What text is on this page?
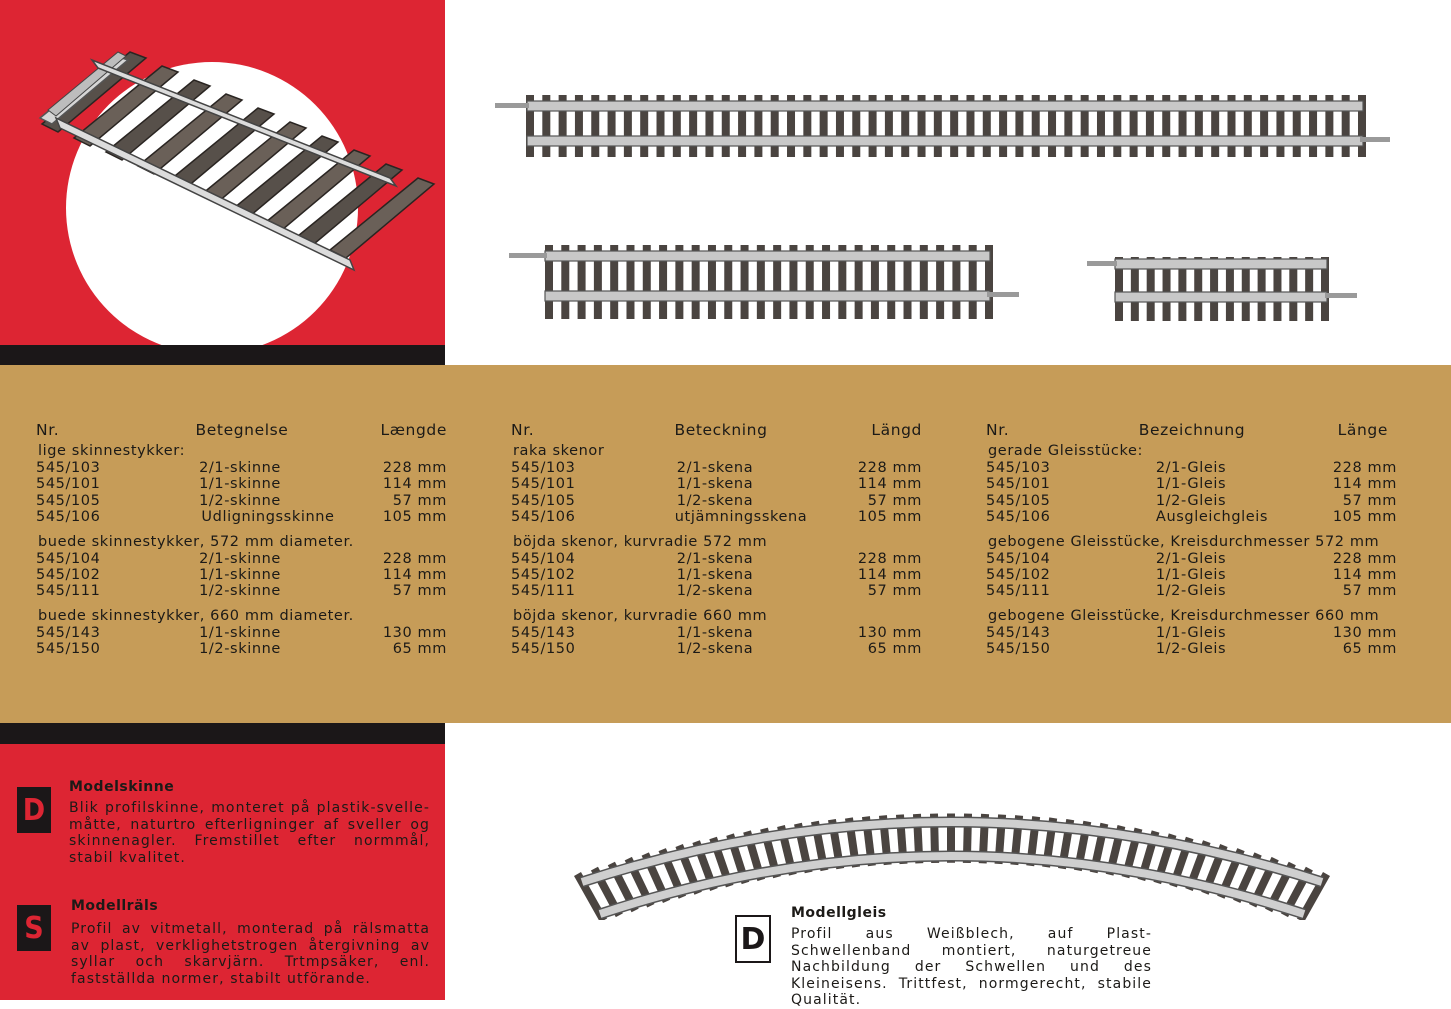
Nr.	Betegnelse	Længde
lige skinnestykker:
545/103	2/1-skinne	228 mm
545/101	1/1-skinne	114 mm
545/105	1/2-skinne	57 mm
545/106	Udligningsskinne	105 mm
buede skinnestykker, 572 mm diameter.
545/104	2/1-skinne	228 mm
545/102	1/1-skinne	114 mm
545/111	1/2-skinne	57 mm
buede skinnestykker, 660 mm diameter.
545/143	1/1-skinne	130 mm
545/150	1/2-skinne	65 mm
Nr.	Beteckning	Längd
raka skenor
545/103	2/1-skena	228 mm
545/101	1/1-skena	114 mm
545/105	1/2-skena	57 mm
545/106	utjämningsskena	105 mm
böjda skenor, kurvradie 572 mm
545/104	2/1-skena	228 mm
545/102	1/1-skena	114 mm
545/111	1/2-skena	57 mm
böjda skenor, kurvradie 660 mm
545/143	1/1-skena	130 mm
545/150	1/2-skena	65 mm
Nr.	Bezeichnung	Länge
gerade Gleisstücke:
545/103	2/1-Gleis	228 mm
545/101	1/1-Gleis	114 mm
545/105	1/2-Gleis	57 mm
545/106	Ausgleichgleis	105 mm
gebogene Gleisstücke, Kreisdurchmesser 572 mm
545/104	2/1-Gleis	228 mm
545/102	1/1-Gleis	114 mm
545/111	1/2-Gleis	57 mm
gebogene Gleisstücke, Kreisdurchmesser 660 mm
545/143	1/1-Gleis	130 mm
545/150	1/2-Gleis	65 mm
D
Modelskinne
Blik profilskinne, monteret på plastik-svelle-måtte, naturtro efterligninger af sveller og skinnenagler. Fremstillet efter normmål, stabil kvalitet.
S
Modellräls
Profil av vitmetall, monterad på rälsmatta av plast, verklighetstrogen återgivning av syllar och skarvjärn. Trtmpsäker, enl. fastställda normer, stabilt utförande.
D
Modellgleis
Profil aus Weißblech, auf Plast-Schwellenband montiert, naturgetreue Nachbildung der Schwellen und des Kleineisens. Trittfest, normgerecht, stabile Qualität.
